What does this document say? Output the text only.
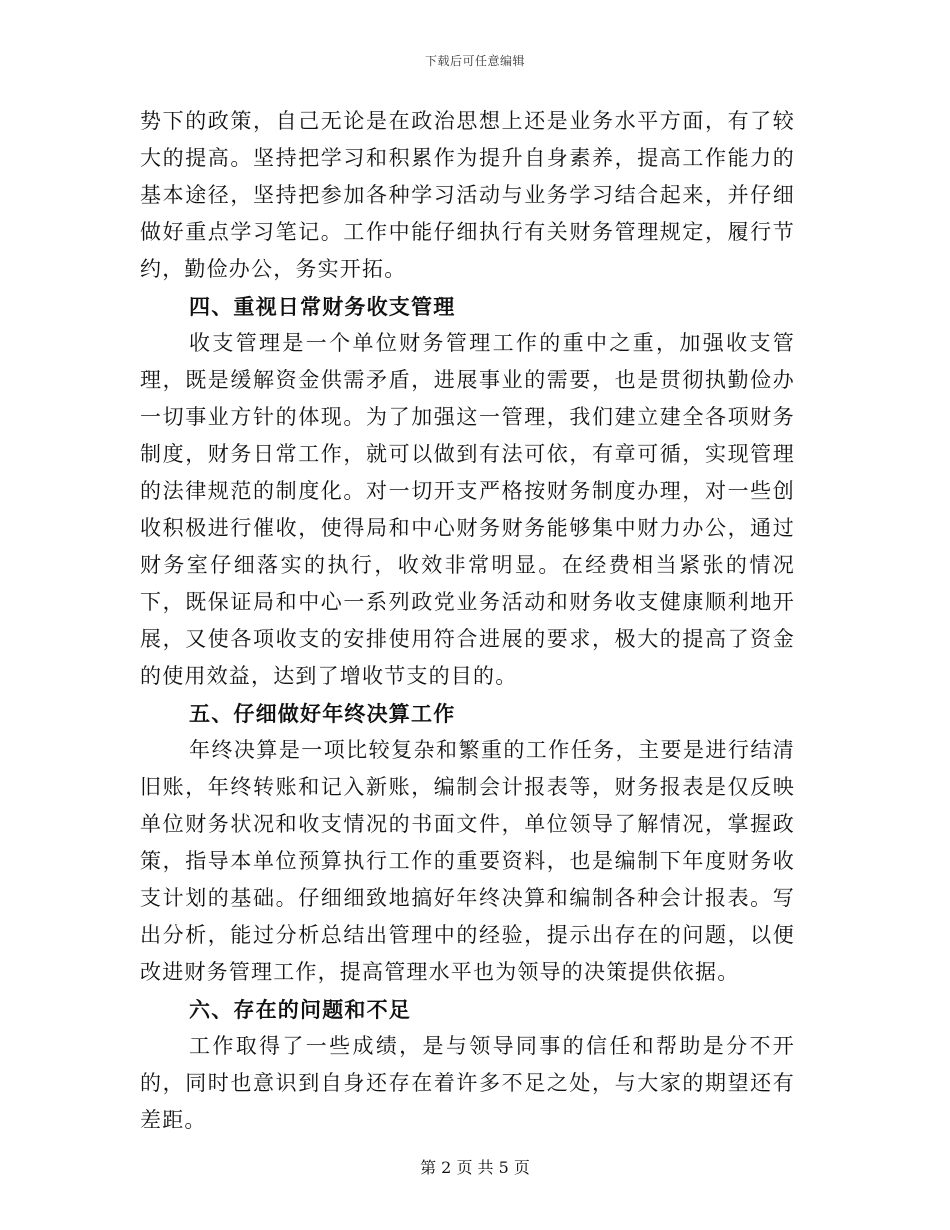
下载后可任意编辑

势下的政策，自己无论是在政治思想上还是业务水平方面，有了较大的提高。坚持把学习和积累作为提升自身素养，提高工作能力的基本途径，坚持把参加各种学习活动与业务学习结合起来，并仔细做好重点学习笔记。工作中能仔细执行有关财务管理规定，履行节约，勤俭办公，务实开拓。

四、重视日常财务收支管理

收支管理是一个单位财务管理工作的重中之重，加强收支管理，既是缓解资金供需矛盾，进展事业的需要，也是贯彻执勤俭办一切事业方针的体现。为了加强这一管理，我们建立建全各项财务制度，财务日常工作，就可以做到有法可依，有章可循，实现管理的法律规范的制度化。对一切开支严格按财务制度办理，对一些创收积极进行催收，使得局和中心财务财务能够集中财力办公，通过财务室仔细落实的执行，收效非常明显。在经费相当紧张的情况下，既保证局和中心一系列政党业务活动和财务收支健康顺利地开展，又使各项收支的安排使用符合进展的要求，极大的提高了资金的使用效益，达到了增收节支的目的。

五、仔细做好年终决算工作

年终决算是一项比较复杂和繁重的工作任务，主要是进行结清旧账，年终转账和记入新账，编制会计报表等，财务报表是仅反映单位财务状况和收支情况的书面文件，单位领导了解情况，掌握政策，指导本单位预算执行工作的重要资料，也是编制下年度财务收支计划的基础。仔细细致地搞好年终决算和编制各种会计报表。写出分析，能过分析总结出管理中的经验，提示出存在的问题，以便改进财务管理工作，提高管理水平也为领导的决策提供依据。

六、存在的问题和不足

工作取得了一些成绩，是与领导同事的信任和帮助是分不开的，同时也意识到自身还存在着许多不足之处，与大家的期望还有差距。

第 2 页 共 5 页
